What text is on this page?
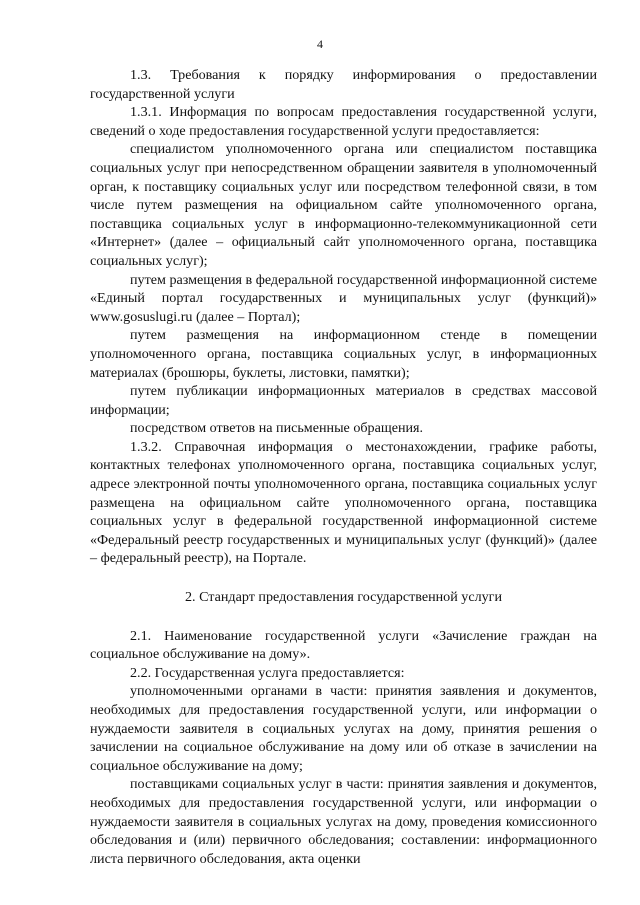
4

1.3. Требования к порядку информирования о предоставлении государственной услуги

1.3.1. Информация по вопросам предоставления государственной услуги, сведений о ходе предоставления государственной услуги предоставляется:

специалистом уполномоченного органа или специалистом поставщика социальных услуг при непосредственном обращении заявителя в уполномоченный орган, к поставщику социальных услуг или посредством телефонной связи, в том числе путем размещения на официальном сайте уполномоченного органа, поставщика социальных услуг в информационно-телекоммуникационной сети «Интернет» (далее – официальный сайт уполномоченного органа, поставщика социальных услуг);

путем размещения в федеральной государственной информационной системе «Единый портал государственных и муниципальных услуг (функций)» www.gosuslugi.ru (далее – Портал);

путем размещения на информационном стенде в помещении уполномоченного органа, поставщика социальных услуг, в информационных материалах (брошюры, буклеты, листовки, памятки);

путем публикации информационных материалов в средствах массовой информации;

посредством ответов на письменные обращения.

1.3.2. Справочная информация о местонахождении, графике работы, контактных телефонах уполномоченного органа, поставщика социальных услуг, адресе электронной почты уполномоченного органа, поставщика социальных услуг размещена на официальном сайте уполномоченного органа, поставщика социальных услуг в федеральной государственной информационной системе «Федеральный реестр государственных и муниципальных услуг (функций)» (далее – федеральный реестр), на Портале.

2. Стандарт предоставления государственной услуги

2.1. Наименование государственной услуги «Зачисление граждан на социальное обслуживание на дому».

2.2. Государственная услуга предоставляется:

уполномоченными органами в части: принятия заявления и документов, необходимых для предоставления государственной услуги, или информации о нуждаемости заявителя в социальных услугах на дому, принятия решения о зачислении на социальное обслуживание на дому или об отказе в зачислении на социальное обслуживание на дому;

поставщиками социальных услуг в части: принятия заявления и документов, необходимых для предоставления государственной услуги, или информации о нуждаемости заявителя в социальных услугах на дому, проведения комиссионного обследования и (или) первичного обследования; составлении: информационного листа первичного обследования, акта оценки
